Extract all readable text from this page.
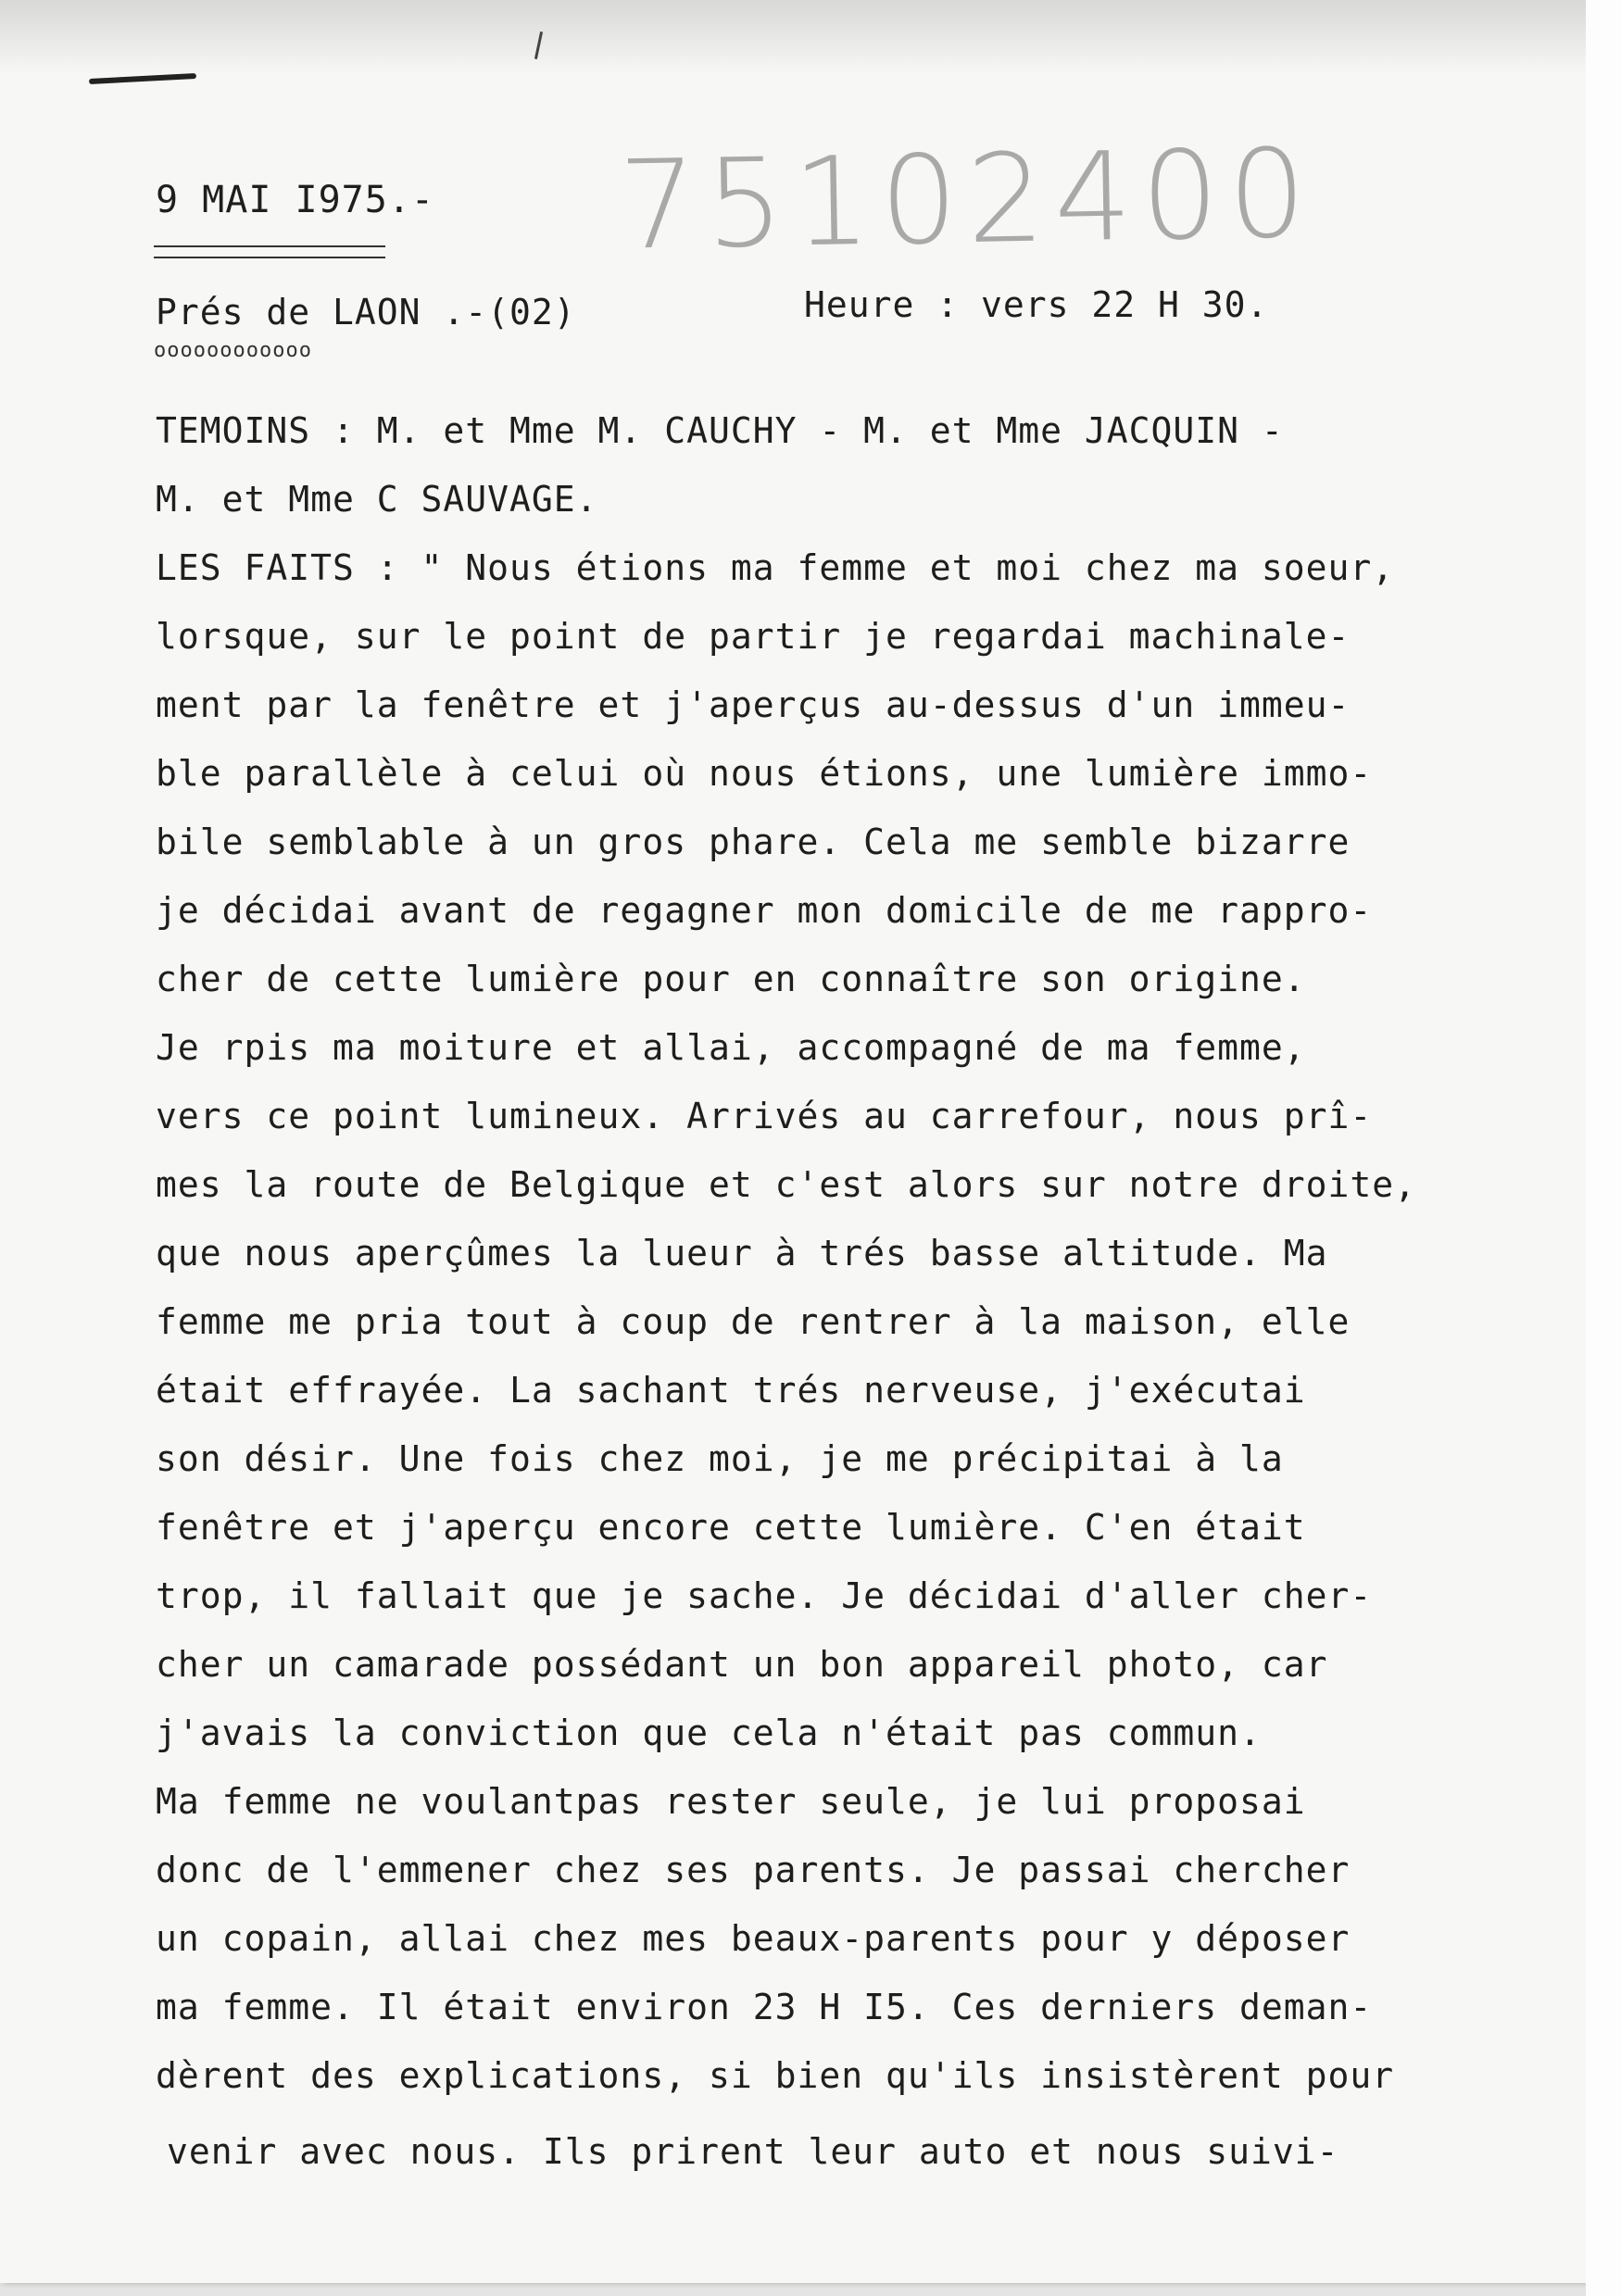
75102400

9 MAI I975.-

Prés de LAON .-(02)

oooooooooooo

Heure : vers 22 H 30.

TEMOINS : M. et Mme M. CAUCHY - M. et Mme JACQUIN -

M. et Mme C SAUVAGE.

LES FAITS : " Nous étions ma femme et moi chez ma soeur,

lorsque, sur le point de partir je regardai machinale-

ment par la fenêtre et j'aperçus au-dessus d'un immeu-

ble parallèle à celui où nous étions, une lumière immo-

bile semblable à un gros phare. Cela me semble bizarre

je décidai avant de regagner mon domicile de me rappro-

cher de cette lumière pour en connaître son origine.

Je rpis ma moiture et allai, accompagné de ma femme,

vers ce point lumineux. Arrivés au carrefour, nous prî-

mes la route de Belgique et c'est alors sur notre droite,

que nous aperçûmes la lueur à trés basse altitude. Ma

femme me pria tout à coup de rentrer à la maison, elle

était effrayée. La sachant trés nerveuse, j'exécutai

son désir. Une fois chez moi, je me précipitai à la

fenêtre et j'aperçu encore cette lumière. C'en était

trop, il fallait que je sache. Je décidai d'aller cher-

cher un camarade possédant un bon appareil photo, car

j'avais la conviction que cela n'était pas commun.

Ma femme ne voulantpas rester seule, je lui proposai

donc de l'emmener chez ses parents. Je passai chercher

un copain, allai chez mes beaux-parents pour y déposer

ma femme. Il était environ 23 H I5. Ces derniers deman-

dèrent des explications, si bien qu'ils insistèrent pour

venir avec nous. Ils prirent leur auto et nous suivi-
